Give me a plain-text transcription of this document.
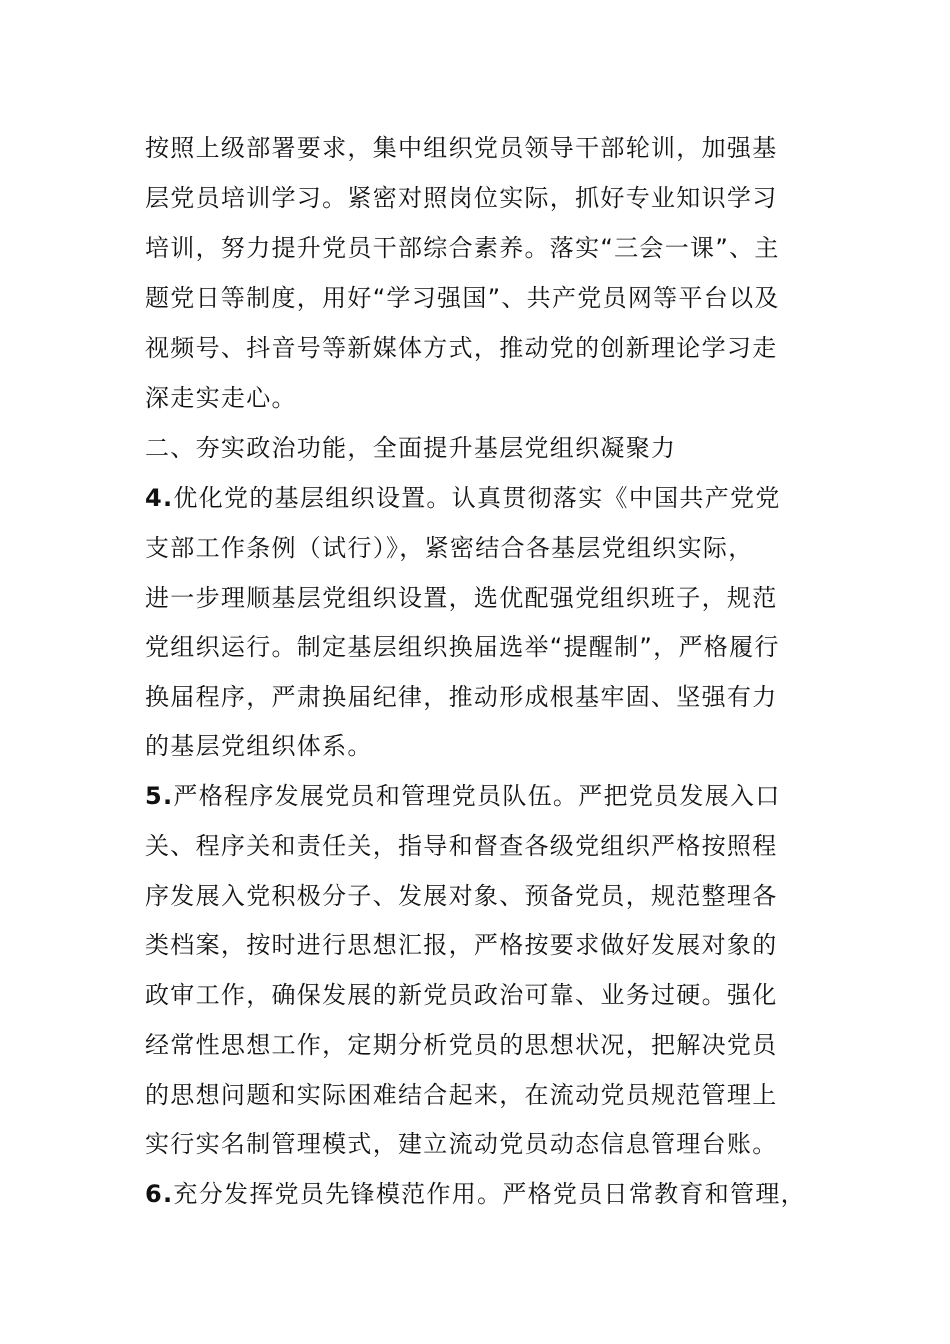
按照上级部署要求，集中组织党员领导干部轮训，加强基
层党员培训学习。紧密对照岗位实际，抓好专业知识学习
培训，努力提升党员干部综合素养。落实“三会一课”、主
题党日等制度，用好“学习强国”、共产党员网等平台以及
视频号、抖音号等新媒体方式，推动党的创新理论学习走
深走实走心。
二、夯实政治功能，全面提升基层党组织凝聚力
4.优化党的基层组织设置。认真贯彻落实《中国共产党党
支部工作条例（试行）》，紧密结合各基层党组织实际，
进一步理顺基层党组织设置，选优配强党组织班子，规范
党组织运行。制定基层组织换届选举“提醒制”，严格履行
换届程序，严肃换届纪律，推动形成根基牢固、坚强有力
的基层党组织体系。
5.严格程序发展党员和管理党员队伍。严把党员发展入口
关、程序关和责任关，指导和督查各级党组织严格按照程
序发展入党积极分子、发展对象、预备党员，规范整理各
类档案，按时进行思想汇报，严格按要求做好发展对象的
政审工作，确保发展的新党员政治可靠、业务过硬。强化
经常性思想工作，定期分析党员的思想状况，把解决党员
的思想问题和实际困难结合起来，在流动党员规范管理上
实行实名制管理模式，建立流动党员动态信息管理台账。
6.充分发挥党员先锋模范作用。严格党员日常教育和管理，
